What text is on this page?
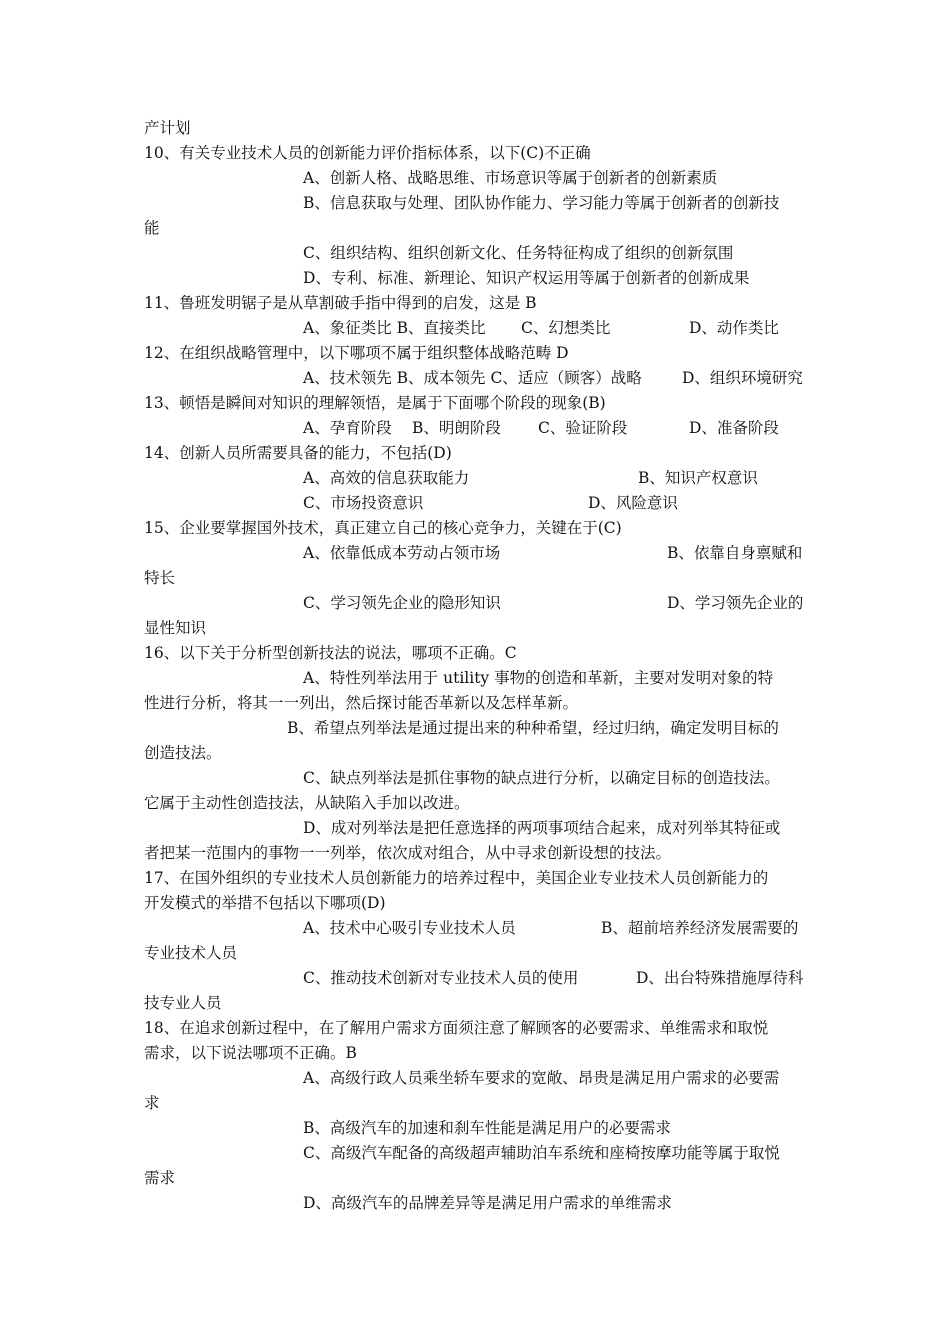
产计划
10、有关专业技术人员的创新能力评价指标体系，以下(C)不正确
A、创新人格、战略思维、市场意识等属于创新者的创新素质
B、信息获取与处理、团队协作能力、学习能力等属于创新者的创新技
能
C、组织结构、组织创新文化、任务特征构成了组织的创新氛围
D、专利、标准、新理论、知识产权运用等属于创新者的创新成果
11、鲁班发明锯子是从草割破手指中得到的启发，这是 B
A、象征类比 B、直接类比 C、幻想类比	D、动作类比
12、在组织战略管理中，以下哪项不属于组织整体战略范畴 D
A、技术领先 B、成本领先 C、适应（顾客）战略	D、组织环境研究
13、顿悟是瞬间对知识的理解领悟，是属于下面哪个阶段的现象(B)
A、孕育阶段 B、明朗阶段 C、验证阶段	D、准备阶段
14、创新人员所需要具备的能力，不包括(D)
A、高效的信息获取能力	B、知识产权意识
C、市场投资意识	D、风险意识
15、企业要掌握国外技术，真正建立自己的核心竞争力，关键在于(C)
A、依靠低成本劳动占领市场	B、依靠自身禀赋和
特长
C、学习领先企业的隐形知识	D、学习领先企业的
显性知识
16、以下关于分析型创新技法的说法，哪项不正确。C
A、特性列举法用于 utility 事物的创造和革新，主要对发明对象的特
性进行分析，将其一一列出，然后探讨能否革新以及怎样革新。
B、希望点列举法是通过提出来的种种希望，经过归纳，确定发明目标的
创造技法。
C、缺点列举法是抓住事物的缺点进行分析，以确定目标的创造技法。
它属于主动性创造技法，从缺陷入手加以改进。
D、成对列举法是把任意选择的两项事项结合起来，成对列举其特征或
者把某一范围内的事物一一列举，依次成对组合，从中寻求创新设想的技法。
17、在国外组织的专业技术人员创新能力的培养过程中，美国企业专业技术人员创新能力的
开发模式的举措不包括以下哪项(D)
A、技术中心吸引专业技术人员	B、超前培养经济发展需要的
专业技术人员
C、推动技术创新对专业技术人员的使用	D、出台特殊措施厚待科
技专业人员
18、在追求创新过程中，在了解用户需求方面须注意了解顾客的必要需求、单维需求和取悦
需求，以下说法哪项不正确。B
A、高级行政人员乘坐轿车要求的宽敞、昂贵是满足用户需求的必要需
求
B、高级汽车的加速和刹车性能是满足用户的必要需求
C、高级汽车配备的高级超声辅助泊车系统和座椅按摩功能等属于取悦
需求
D、高级汽车的品牌差异等是满足用户需求的单维需求
